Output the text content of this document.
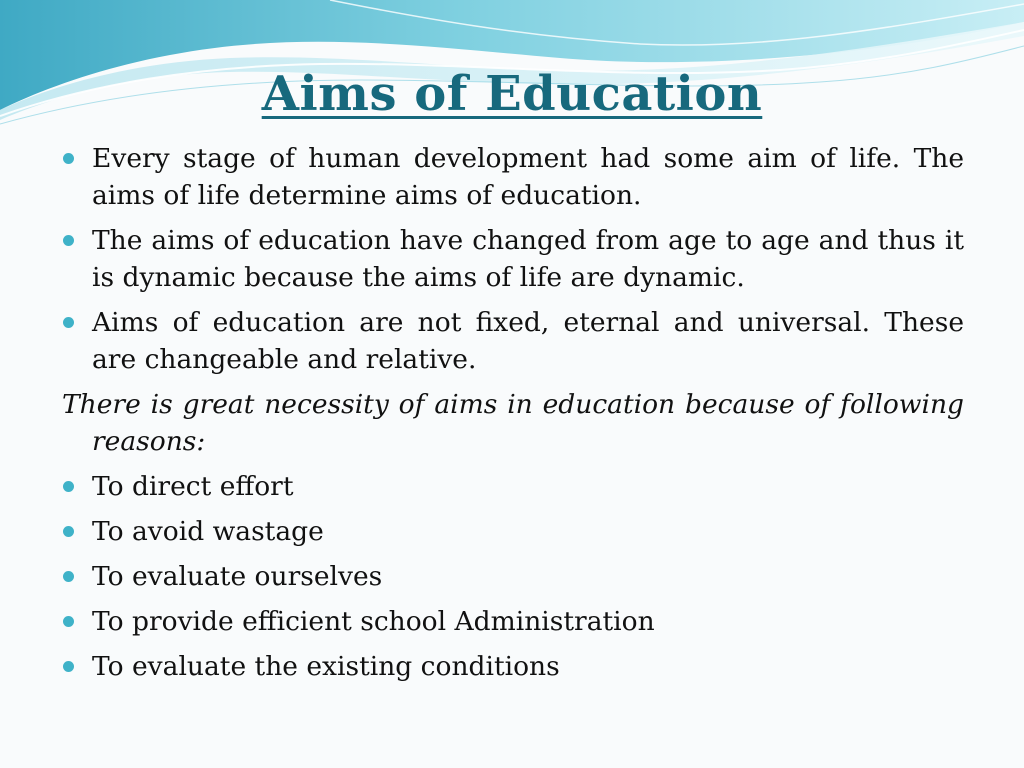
Aims of Education
Every stage of human development had some aim of life. The aims of life determine aims of education.
The aims of education have changed from age to age and thus it is dynamic because the aims of life are dynamic.
Aims of education are not fixed, eternal and universal. These are changeable and relative.
There is great necessity of aims in education because of following reasons:
To direct effort
To avoid wastage
To evaluate ourselves
To provide efficient school Administration
To evaluate the existing conditions
